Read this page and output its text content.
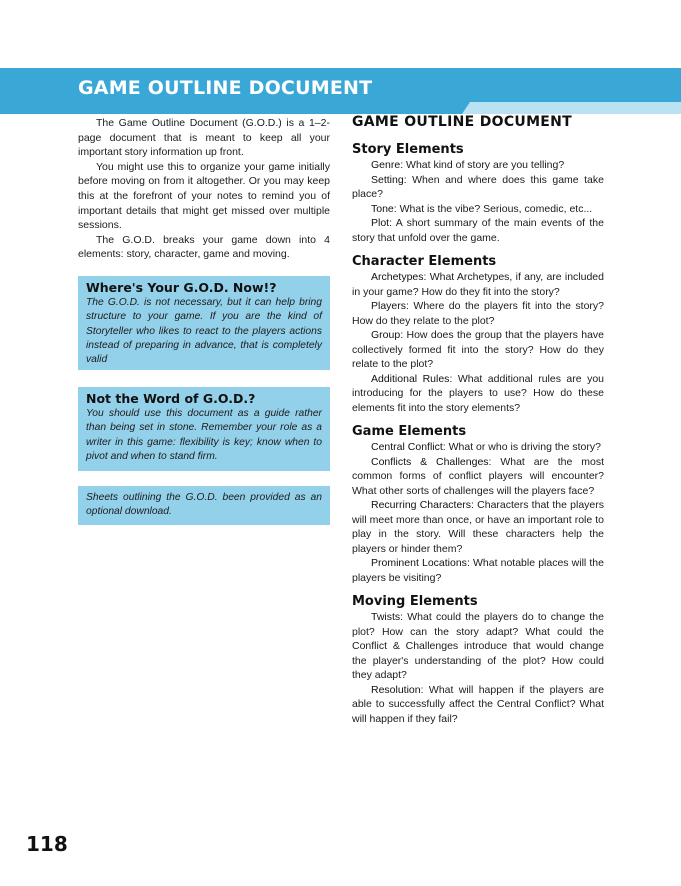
GAME OUTLINE DOCUMENT

The Game Outline Document (G.O.D.) is a 1–2-page document that is meant to keep all your important story information up front.

You might use this to organize your game initially before moving on from it altogether. Or you may keep this at the forefront of your notes to remind you of important details that might get missed over multiple sessions.

The G.O.D. breaks your game down into 4 elements: story, character, game and moving.

Where's Your G.O.D. Now!?

The G.O.D. is not necessary, but it can help bring structure to your game. If you are the kind of Storyteller who likes to react to the players actions instead of preparing in advance, that is completely valid

Not the Word of G.O.D.?

You should use this document as a guide rather than being set in stone. Remember your role as a writer in this game: flexibility is key; know when to pivot and when to stand firm.

Sheets outlining the G.O.D. been provided as an optional download.

GAME OUTLINE DOCUMENT
Story Elements

Genre: What kind of story are you telling?

Setting: When and where does this game take place?

Tone: What is the vibe? Serious, comedic, etc...

Plot: A short summary of the main events of the story that unfold over the game.

Character Elements

Archetypes: What Archetypes, if any, are included in your game? How do they fit into the story?

Players: Where do the players fit into the story? How do they relate to the plot?

Group: How does the group that the players have collectively formed fit into the story? How do they relate to the plot?

Additional Rules: What additional rules are you introducing for the players to use? How do these elements fit into the story elements?

Game Elements

Central Conflict: What or who is driving the story?

Conflicts & Challenges: What are the most common forms of conflict players will encounter? What other sorts of challenges will the players face?

Recurring Characters: Characters that the players will meet more than once, or have an important role to play in the story. Will these characters help the players or hinder them?

Prominent Locations: What notable places will the players be visiting?

Moving Elements

Twists: What could the players do to change the plot? How can the story adapt? What could the Conflict & Challenges introduce that would change the player's understanding of the plot? How could they adapt?

Resolution: What will happen if the players are able to successfully affect the Central Conflict? What will happen if they fail?

118
